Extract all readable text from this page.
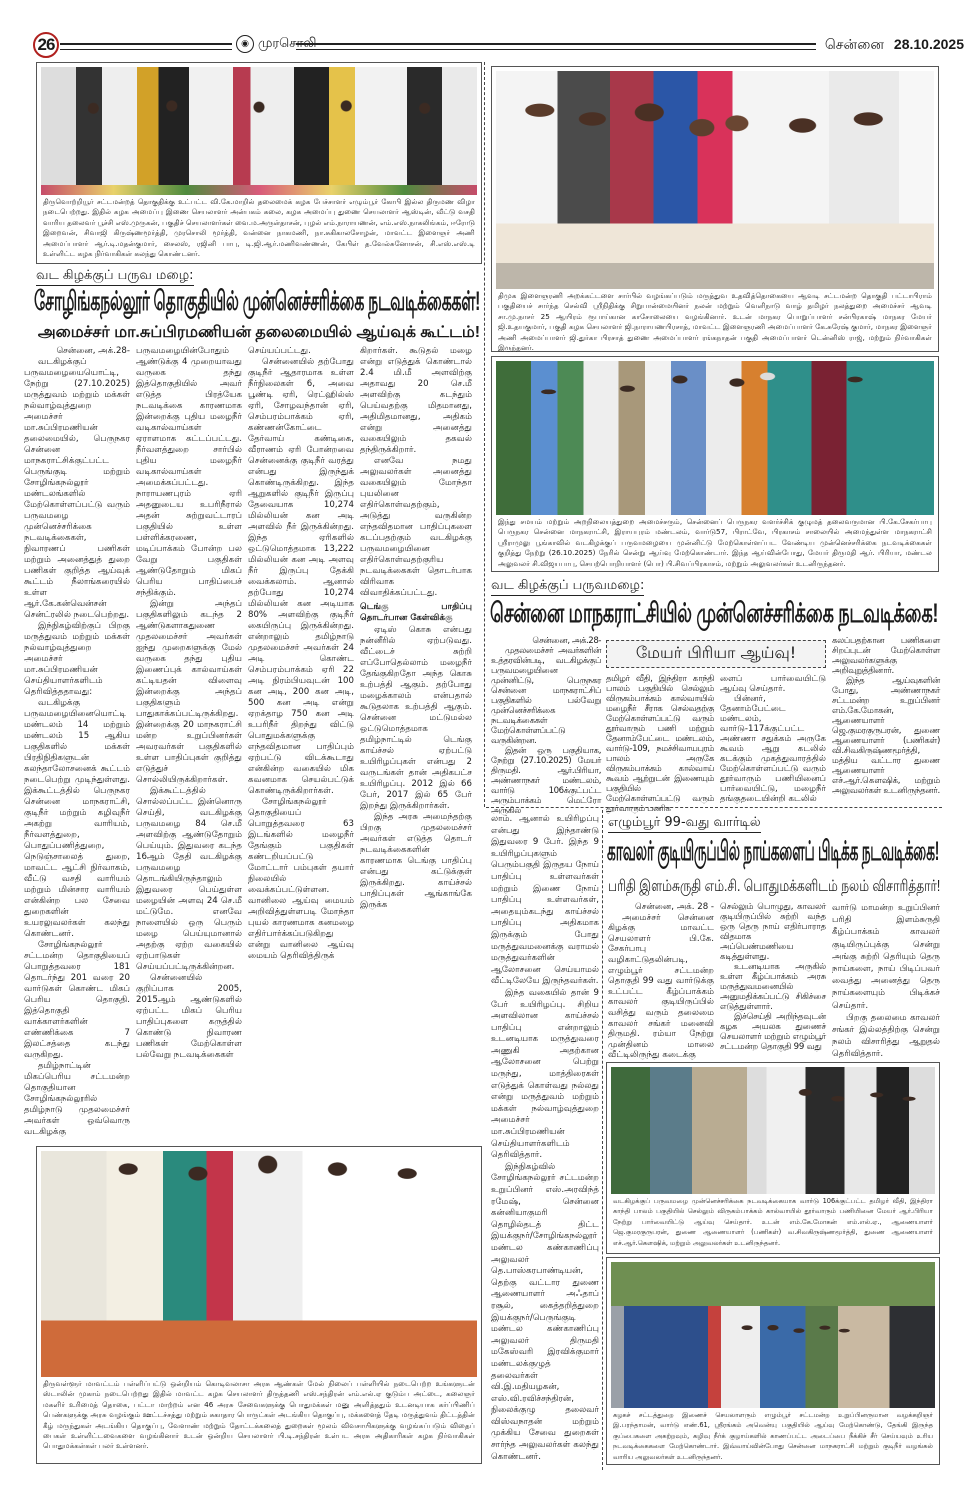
26	◉ முரசொலி	சென்னை 28.10.2025
திருவொற்றியூர் சட்டமன்றத் தொகுதிக்கு உட்பட்ட வி.கே.மாறில் தலைமைக் கழக பேச்சாளர் எழும்பூர் கோபி இல்ல திருமண விழா நடைபெற்றது. இதில் கழக அமைப்பு இணை செயலாளர் அன்பகம் கலை, கழக அமைப்பு துணை செயலாளர் ஆஸ்டின், வீட்டு வசதி வாரிய தலைவர் பூச்சி எஸ்.முருகன், பகுதிச் செயலாளர்கள் வை.ம.அருள்தாசன், புழல் எம்.நாராயணன், எம்.எஸ்.நாகலிங்கம், ஈரோடு இறைவன், சிவாஜி கிருஷ்ணமூர்த்தி, முரசொலி மூர்த்தி, வன்னை நாகமணி, நா.சுகிகாலசோழன், மாவட்ட இளைஞர் அணி அமைப்பாளர் ஆர்.டி.மதன்குமார், சைலஸ், ரஜினி பாபு, டி.ஜி.ஆர்.மணிவண்ணன், கேபிள் த.வேல்சுனோசன், சி.எஸ்.எஸ்.டி உள்ளிட்ட கழக நிர்வாகிகள் கலந்து கொண்டனர்.
வட கிழக்குப் பருவ மழை:
சோழிங்கநல்லூர் தொகுதியில் முன்னெச்சரிக்கை நடவடிக்கைகள்!
அமைச்சர் மா.சுப்பிரமணியன் தலைமையில் ஆய்வுக் கூட்டம்!

சென்னை, அக்.28-

வடகிழக்குப் பருவமழையையொட்டி, நேற்று (27.10.2025) மருத்துவம் மற்றும் மக்கள் நல்வாழ்வுத்துறை அமைச்சர் மா.சுப்பிரமணியன் தலைமையில், பெருநகர சென்னை மாநகராட்சிக்குட்பட்ட பெருங்குடி மற்றும் சோழிங்கநல்லூர் மண்டலங்களில் மேற்கொள்ளப்பட்டு வரும் பருவமழை முன்னெச்சரிக்கை நடவடிக்கைகள், நிவாரணப் பணிகள் மற்றும் அனைத்துத் துறை பணிகள் குறித்த ஆய்வுக் கூட்டம் நீலாங்கரையில் உள்ள ஆர்.கே.கன்வென்சன் சென்ட்ரலில் நடைபெற்றது.

இந்நிகழ்விற்குப் பிறகு மருத்துவம் மற்றும் மக்கள் நல்வாழ்வுத்துறை அமைச்சர் மா.சுப்பிரமணியன் செய்தியாளர்களிடம் தெரிவித்ததாவது:

வடகிழக்கு பருவமழையினையொட்டி மண்டலம் 14 மற்றும் மண்டலம் 15 ஆகிய பகுதிகளில் மக்கள் பிரதிநிதிகளுடன் கலந்தாலோசனைக் கூட்டம் நடைபெற்று முடிந்துள்ளது. இக்கூட்டத்தில் பெருநகர சென்னை மாநகராட்சி, குடிநீர் மற்றும் கழிவுநீர் அகற்று வாரியம், நீர்வளத்துறை, பொதுப்பணித்துறை, நெடுஞ்சாலைத் துறை, மாவட்ட ஆட்சி நிர்வாகம், வீட்டு வசதி வாரியம் மற்றும் மின்சார வாரியம் என்கின்ற பல சேவை துறைகளின் உயரலுவலர்கள் கலந்து கொண்டனர்.

சோழிங்கநல்லூர் சட்டமன்ற தொகுதியைப் பொறுத்தவரை 181 தொடர்ந்து 201 வரை 20 வார்டுகள் கொண்ட மிகப் பெரிய தொகுதி. இத்தொகுதி வாக்காளர்களின் எண்ணிக்கை 7 இலட்சத்தை கடந்து வருகிறது.

தமிழ்நாட்டின் மிகப்பெரிய சட்டமன்ற தொகுதியான சோழிங்கநல்லூரில் தமிழ்நாடு முதலமைச்சர் அவர்கள் ஒவ்வொரு வடகிழக்கு

பருவமழையின்போதும் ஆண்டுக்கு 4 முறையாவது வருகை தந்து இத்தொகுதியில் அவர் எடுத்த பிரத்யேக நடவடிக்கை காரணமாக இன்றைக்கு புதிய மழைநீர் வடிகால்வாய்கள் ஏராளமாக கட்டப்பட்டது. நீர்வளத்துறை சார்பில் புதிய மழைநீர் வடிகால்வாய்கள் அமைக்கப்பட்டது. நாராயணபுரம் ஏரி அதனுடைய உபரிநீரால் அதன் சுற்றுவட்டாரப் பகுதியில் உள்ள பள்ளிக்கரணை, மடிப்பாக்கம் போன்ற பல வேறு பகுதிகள் ஆண்டுதோறும் மிகப் பெரிய பாதிப்பைச் சந்திக்கும்.

இன்று அந்தப் பகுதிகளிலும் கடந்த 2 ஆண்டுகளாகதுணை முதலமைச்சர் அவர்கள் ஐந்து முறைகளுக்கு மேல் வருகை தந்து புதிய இணைப்புக் கால்வாய்கள் கட்டியதன் விளைவு இன்றைக்கு அந்தப் பகுதிகளும் பாதுகாக்கப்பட்டிருக்கிறது. இன்றைக்கு 20 மாநகராட்சி மன்ற உறுப்பினர்கள் அவரவர்கள் பகுதிகளில் உள்ள பாதிப்புகள் குறித்து எடுத்துச் சொல்லியிருக்கிறார்கள்.

இக்கூட்டத்தில் சொல்லப்பட்ட இன்னொரு செய்தி, வடகிழக்கு பருவமழை 84 செ.மீ அளவிற்கு ஆண்டுதோறும் பெய்யும். இதுவரை கடந்த 16ஆம் தேதி வடகிழக்கு பருவமழை தொடங்கியிருந்தாலும் இதுவரை பெய்துள்ள மழையின் அளவு 24 செ.மீ மட்டுமே. எனவே நாளையில் ஒரு பெரும் மழை பெய்யுமானால் அதற்கு ஏற்ற வகையில் ஏற்பாடுகள் செய்யப்பட்டிருக்கின்றன.

சென்னையில் குறிப்பாக 2005, 2015ஆம் ஆண்டுகளில் ஏற்பட்ட மிகப் பெரிய பாதிப்புகளை கருத்தில் கொண்டு நிவாரண பணிகள் மேற்கொள்ள பல்வேறு நடவடிக்கைகள்

செய்யப்பட்டது.

சென்னையில் தற்போது குடிநீர் ஆதாரமாக உள்ள நீர்நிலைகள் 6, அவை பூண்டி ஏரி, ரெட்ஹில்ஸ் ஏரி, சோழவந்தான் ஏரி, செம்பரம்பாக்கம் ஏரி, கண்ணன்கோட்டை தேர்வாய் கண்டிகை, வீராணம் ஏரி போன்றவை சென்னைக்கு குடிநீர் வரத்து என்பது இருந்துக் கொண்டிருக்கிறது. இந்த ஆறுகளில் குடிநீர் இருப்பு தேவையாக 10,274 மில்லியன் கன அடி அளவில் நீர் இருக்கின்றது. இந்த ஏரிகளில் ஒட்டுமொத்தமாக 13,222 மில்லியன் கன அடி அளவு நீர் இருப்பு தேக்கி வைக்கலாம். ஆனால் தற்போது 10,274 மில்லியன் கன அடியாக 80% அளவிற்கு குடிநீர் கையிருப்பு இருக்கின்றது. என்றாலும் தமிழ்நாடு முதலமைச்சர் அவர்கள் 24 அடி கொண்ட செம்பரம்பாக்கம் ஏரி 22 அடி நிரம்பியவுடன் 100 கன அடி, 200 கன அடி, 500 கன அடி என்று ஏறக்தாழ 750 கன அடி உபரிநீர் திறந்து விட்டு பொதுமக்களுக்கு எந்தவிதமான பாதிப்பும் ஏற்பட்டு விடக்கூடாது என்கின்ற வகையில் மிக கவனமாக செயல்பட்டுக் கொண்டிருக்கிறார்கள்.

சோழிங்கநல்லூர் தொகுதியைப் பொறுத்தவரை 63 இடங்களில் மழைநீர் தேங்கும் பகுதிகள் கண்டறியப்பட்டு மோட்டார் பம்புகள் தயார் நிலையில் வைக்கப்பட்டுள்ளன. வானிலை ஆய்வு மையம் அறிவித்துள்ளபடி மோந்தா புயல் காரணமாக கனமழை எதிர்பார்க்கப்படுகிறது என்று வானிலை ஆய்வு மையம் தெரிவித்திருக்

கிறார்கள். கூடுதல் மழை என்று எடுத்துக் கொண்டால் 2.4 மி.மீ அளவிற்கு அதாவது 20 செ.மீ அளவிற்கு கடந்தும் பெய்வதற்கு மிதமானது, அதிமிதமானது, அதிகம் என்று அனைத்து வகையிலும் தகவல் தந்திருக்கிறார்.

எனவே நமது அலுவலர்கள் அனைத்து வகையிலும் மோந்தா புயலினை எதிர்கொள்வதற்கும், அடுத்து வருகின்ற எந்தவிதமான பாதிப்புகளை கடப்பதற்கும் வடகிழக்கு பருவமழையினை எதிர்கொள்வதற்குரிய நடவடிக்கைகள் தொடர்பாக விரிவாக விவாதிக்கப்பட்டது.

டெங்கு பாதிப்பு தொடர்பான கேள்விக்கு

ஏடிஸ் கொசு என்பது நன்னீரில் ஏற்படுவது. வீட்டைச் சுற்றி எப்போதெல்லாம் மழைநீர் தேங்குகிறதோ அந்த கொசு உற்பத்தி ஆகும். தற்போது மழைக்காலம் என்பதால் கூடுதலாக உற்பத்தி ஆகும். சென்னை மட்டுமல்ல ஒட்டுமொத்தமாக தமிழ்நாட்டில் டெங்கு காய்ச்சல் ஏற்பட்டு உயிரிழப்புகள் என்பது 2 வருடங்கள் தான் அதிகபட்ச உயிரிழப்பு. 2012 இல் 66 பேர், 2017 இல் 65 பேர் இறந்து இருக்கிறார்கள்.

இந்த அரசு அமைந்தற்கு பிறகு முதலமைச்சர் அவர்கள் எடுத்த தொடர் நடவடிக்கைகளின் காரணமாக டெங்கு பாதிப்பு என்பது கட்டுக்குள் இருக்கிறது. காய்ச்சல் பாதிப்புகள் ஆங்காங்கே இருக்க

திருவள்ளூர் மாவட்டம் பள்ளிப்பட்டு ஒன்றியம் கொடிவலாசா அரசு ஆண்கள் மேல் நிலைப் பள்ளியில் நடைபெற்ற உங்களுடன் ஸ்டாலின் முகாம் நடைபெற்றது இதில் மாவட்ட கழக செயலாளர் திருத்தணி எஸ்.சந்திரன் எம்.எல்.ஏ குடும்ப அட்டை, கலைஞர் மகளிர் உரிமைத் தொகை, பட்டா மாற்றம் என 46 அரசு சேவைகளுக்கு பொதுமக்கள் மனு அளித்ததும் உடனடியாக கர்ப்பிணிப் பெண்களுக்கு அரசு வழங்கும் ஊட்டச்சத்து மற்றும் சுகாதார பொருட்கள் அடங்கிய தொகுப்பு, மக்களைத் தேடி மருத்துவம் திட்டத்தின் கீழ் மருந்துகள் அடங்கிய தொகுப்பு, வேளாண் மற்றும் தோட்டக்கலைத் துறைகள் மூலம் விவசாயிகளுக்கு வழங்கப்படும் விதைப் பைகள் உள்ளிட்டவைகளை வழங்கினார் உடன் ஒன்றிய செயலாளர் பி.டி.சந்திரன் உள்பட அரசு அதிகாரிகள் கழக நிர்வாகிகள் பொதுமக்கள்கள் பலர் உள்ளனர்.
திமுக இளைஞரணி அறக்கட்டளை சார்பில் வழங்கப்படும் மருத்துவ உதவித்தொகையை ஆவடி சட்டமன்ற தொகுதி பட்டாபிராம் பகுதியைச் சார்ந்த செல்வி ஸ்ரீநிதிக்கு சிறுபான்மையினர் நலன் மற்றும் வெளிநாடு வாழ் தமிழர் நலத்துறை அமைச்சர் ஆவடி சா.மு.நாசர் 25 ஆயிரம் ரூபாய்கான காசோலையை வழங்கினார். உடன் மாநகர பொறுப்பாளர் சன்பிரகாஷ் மாநகர மேயர் ஜி.உதயகுமார், பகுதி கழக செயலாளர் ஜி.நாராயணபிரசாத், மாவட்ட இளைஞரணி அமைப்பாளர் கே.சுரேஷ் குமார், மாநகர இளைஞர் அணி அமைப்பாளர் ஜி.துர்கா பிரசாத் துணை அமைப்பாளர் ரங்கநாதன் பகுதி அமைப்பாளர் டென்னிஸ் ராஜ், மற்றும் நிர்வாகிகள் இருந்தனர்.
இந்து சமயம் மற்றும் அறநிலையத்துறை அமைச்சரும், சென்னைப் பெருநகர வளர்ச்சிக் குழுமத் தலைவருமான பி.கே.சேகர்பாபு பெருநகர சென்னை மாநகராட்சி, இராயபுரம் மண்டலம், வார்டு57, பிராட்வே, பிரகாசம் சாலையில் அமைந்துள்ள மாநகராட்சி ஸ்ரீராமுலு பூங்காவில் வடகிழக்குப் பருவமழையை முன்னிட்டு மேற்கொள்ளப்பட வேண்டிய முன்னெச்சரிக்கை நடவடிக்கைகள் குறித்து நேற்று (26.10.2025) நேரில் சென்று ஆய்வு மேற்கொண்டார். இந்த ஆய்வின்போது, மேயர் திருமதி ஆர். பிரியா, மண்டல அலுவலர் சி.விஜயபாபு, செயற்பொறியாளர் (பொ) பி.சிவப்பிரகாசம், மற்றும் அலுவலர்கள் உடனிருந்தனர்.
வட கிழக்குப் பருவமழை:
சென்னை மாநகராட்சியில் முன்னெச்சரிக்கை நடவடிக்கை!

சென்னை, அக்.28-

முதலமைச்சர் அவர்களின் உத்தரவின்படி, வடகிழக்குப் பருவமழையினை முன்னிட்டு, பெருநகர சென்னை மாநகராட்சிப் பகுதிகளில் பல்வேறு முன்னெச்சரிக்கை நடவடிக்கைகள் மேற்கொள்ளப்பட்டு வருகின்றன.

இதன் ஒரு பகுதியாக, நேற்று (27.10.2025) மேயர் திருமதி. ஆர்.பிரியா, அண்ணாநகர் மண்டலம், வார்டு 106க்குட்பட்ட அரும்பாக்கம் மெட்ரோ அருகில்

மேயர் பிரியா ஆய்வு!

தமிழர் வீதி, இந்திரா காந்தி பாலம் பகுதியில் செல்லும் விருகம்பாக்கம் கால்வாயில் மழைநீர் சீராக செல்வதற்கு மேற்கொள்ளப்பட்டு வரும் தூர்வாரும் பணி மற்றும் தேனாம்பேட்டை மண்டலம், வார்டு-109, நமச்சிவாயபுரம் பாலம் அருகே விருகம்பாக்கம் கால்வாய் கூவம் ஆற்றுடன் இணையும் பகுதியில் மேற்கொள்ளப்பட்டு வரும் தூர்வாரும் பணிக

ளைப் பார்வையிட்டு ஆய்வு செய்தார்.

பின்னர், தேனாம்பேட்டை மண்டலம், வார்டு-117க்குட்பட்ட அண்ணா சதுக்கம் அருகே கூவம் ஆறு கடலில் கடக்கும் முகத்துவாரத்தில் மேற்கொள்ளப்பட்டு வரும் தூர்வாரும் பணியினைப் பார்வையிட்டு, மழைநீர் தங்குதடையின்றி கடலில்

கலப்பதற்கான பணிகளை சிறப்புடன் மேற்கொள்ள அலுவலர்களுக்கு அறிவுறுத்தினார்.

இந்த ஆய்வுகளின் போது, அண்ணாநகர் சட்டமன்ற உறுப்பினர் எம்.கே.மோகன், ஆணையாளர் ஜெ.குமரகுருபரன், துணை ஆணையாளர் (பணிகள்) வி.சிவகிருஷ்ணமூர்த்தி, மத்திய வட்டார துணை ஆணையாளர் எச்.ஆர்.கௌஷிக், மற்றும் அலுவலர்கள் உடனிருந்தனர்.

லாம். ஆனால் உயிரிழப்பு என்பது இந்தாண்டு இதுவரை 9 பேர். இந்த 9 உயிரிழப்புகளும் பெரும்பகுதி இருதய நோய் பாதிப்பு உள்ளவர்கள் மற்றும் இணை நோய் பாதிப்பு உள்ளவர்கள், அதையும்கடந்து காய்ச்சல் பாதிப்பு அதிகமாக இருக்கும் போது மருத்துவமனைக்கு வராமல் மருத்துவர்களின் ஆலோசனை செய்யாமல் வீட்டிலேயே இருந்தவர்கள்.

இந்த வகையில் தான் 9 பேர் உயிரிழப்பு. சிறிய அளவிலான காய்ச்சல் பாதிப்பு என்றாலும் உடனடியாக மருத்துவரை அணுகி அதற்கான ஆலோசனை பெற்று மருந்து, மாத்திரைகள் எடுத்துக் கொள்வது நல்லது என்று மருத்துவம் மற்றும் மக்கள் நல்வாழ்வுத்துறை அமைச்சர் மா.சுப்பிரமணியன் செய்தியாளர்களிடம் தெரிவித்தார்.

இந்நிகழ்வில் சோழிங்கநல்லூர் சட்டமன்ற உறுப்பினர் எஸ்.அரவிந்த் ரமேஷ், சென்னை கன்னியாகுமரி தொழில்தடத் திட்ட இயக்குநர்/சோழிங்கநல்லூர் மண்டல கண்காணிப்பு அலுவலர் தெ.பாஸ்கரபாண்டியன், தெற்கு வட்டார துணை ஆணையாளர் அஃதாப் ரசூல், கைத்தறித்துறை இயக்குநர்/பெருங்குடி மண்டல கண்காணிப்பு அலுவலர் திருமதி மகேஸ்வரி இரவிக்குமார் மண்டலக்குழுத் தலைவர்கள் வி.இ.மதியழகன், எஸ்.வி.ரவிச்சந்திரன், நிலைக்குழு தலைவர் விஸ்வநாதன் மற்றும் முக்கிய சேவை துறைகள் சார்ந்த அலுவலர்கள் கலந்து கொண்டனர்.

எழும்பூர் 99-வது வார்டில்
காவலர் குடியிருப்பில் நாய்களைப் பிடிக்க நடவடிக்கை!
பரிதி இளம்சுருதி எம்.சி. பொதுமக்களிடம் நலம் விசாரித்தார்!

சென்னை, அக். 28 -

அமைச்சர் சென்னை கிழக்கு மாவட்ட செயலாளர் பி.கே. சேகர்பாபு வழிகாட்டுதலின்படி, எழும்பூர் சட்டமன்ற தொகுதி 99 வது வார்டுக்கு உட்பட்ட கீழ்ப்பாக்கம் காவலர் குடியிருப்பில் வசித்து வரும் தலைமை காவலர் சங்கர் மனைவி திருமதி. ரம்யா நேற்று முன்தினம் மாலை வீட்டிலிருந்து கடைக்கு

செல்லும் பொழுது, காவலர் குடியிருப்பில் சுற்றி வந்த ஒரு தெரு நாய் எதிர்பாராத விதமாக அப்பெண்மணியை கடித்துள்ளது.

உடனடியாக அருகில் உள்ள கீழ்ப்பாக்கம் அரசு மருத்துவமனையில் அனுமதிக்கப்பட்டு சிகிச்சை எடுத்துள்ளார்.

இச்செய்தி அறிந்தவுடன் கழக அயலக துணைச் செயலாளர் மற்றும் எழும்பூர் சட்டமன்ற தொகுதி 99 வது

வார்டு மாமன்ற உறுப்பினர் பரிதி இளம்சுருதி கீழ்ப்பாக்கம் காவலர் குடியிருப்புக்கு சென்று அங்கு சுற்றி தெரியும் தெரு நாய்களை, நாய் பிடிப்பவர் வைத்து அனைத்து தெரு நாய்களையும் பிடிக்கச் செய்தார்.

பிறகு தலைமை காவலர் சங்கர் இல்லத்திற்கு சென்று நலம் விசாரித்து ஆறுதல் தெரிவித்தார்.

வடகிழக்குப் பருவமழை முன்னெச்சரிக்கை நடவடிக்கையாக வார்டு 106க்குட்பட்ட தமிழர் வீதி, இந்திரா காந்தி பாலம் பகுதியில் செல்லும் விருகம்பாக்கம் கால்வாயில் தூர்வாரும் பணியினை மேயர் ஆர்.பிரியா நேற்று பார்வையிட்டு ஆய்வு செய்தார். உடன் எம்.கே.மோகன் எம்.எல்.ஏ., ஆணையாளர் ஜெ.குமரகுருபரன், துணை ஆணையாளர் (பணிகள்) வ.சிவகிருஷ்ணமூர்த்தி, துணை ஆணையாளர் எச்.ஆர்.கௌஷிக், மற்றும் அலுவலர்கள் உடனிருந்தனர்.
கழகச் சட்டத்துறை இணைச் செயலாளரும் எழும்பூர் சட்டமன்ற உறுப்பினருமான வழக்கறிஞர் இ.பரந்தாமன், வார்டு எண்.61, ஸ்ரீரங்கம் அவென்யு பகுதியில் ஆய்வு மேற்கொண்டு, தேங்கி இருந்த குப்பைகளை அகற்றவும், கழிவு நீர்க் குழாய்களில் காணப்பட்ட அடைப்பை நீக்கிச் சீர் செய்யவும் உரிய நடவடிக்கைகளை மேற்கொண்டார். இவ்வாய்வின்போது சென்னை மாநகராட்சி மற்றும் குடிநீர் வழங்கல் வாரிய அலுவலர்கள் உடனிருந்தனர்.
